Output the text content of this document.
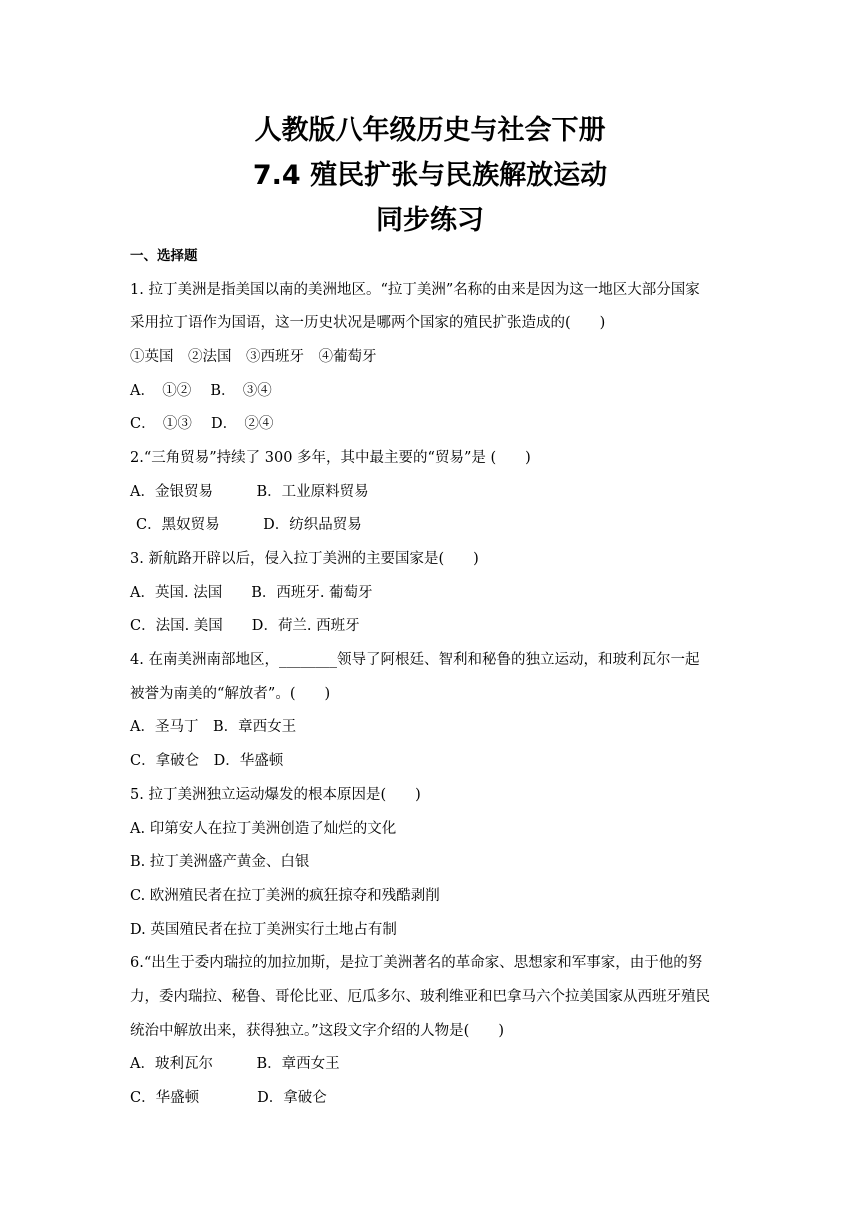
人教版八年级历史与社会下册
7.4 殖民扩张与民族解放运动
同步练习
一、选择题
1. 拉丁美洲是指美国以南的美洲地区。“拉丁美洲”名称的由来是因为这一地区大部分国家
采用拉丁语作为国语，这一历史状况是哪两个国家的殖民扩张造成的(　　)
①英国　②法国　③西班牙　④葡萄牙
A．　①②　 B．　③④
C．　①③　 D．　②④
2.“三角贸易”持续了 300 多年，其中最主要的“贸易”是 (　　)
A．金银贸易　　　B．工业原料贸易
C．黑奴贸易　　　D．纺织品贸易
3. 新航路开辟以后，侵入拉丁美洲的主要国家是(　　)
A．英国. 法国　　B．西班牙. 葡萄牙
C．法国. 美国　　D．荷兰. 西班牙
4. 在南美洲南部地区，________领导了阿根廷、智利和秘鲁的独立运动，和玻利瓦尔一起
被誉为南美的“解放者”。(　　)
A．圣马丁　B．章西女王
C．拿破仑　D．华盛顿
5. 拉丁美洲独立运动爆发的根本原因是(　　)
A. 印第安人在拉丁美洲创造了灿烂的文化
B. 拉丁美洲盛产黄金、白银
C. 欧洲殖民者在拉丁美洲的疯狂掠夺和残酷剥削
D. 英国殖民者在拉丁美洲实行土地占有制
6.“出生于委内瑞拉的加拉加斯，是拉丁美洲著名的革命家、思想家和军事家，由于他的努
力，委内瑞拉、秘鲁、哥伦比亚、厄瓜多尔、玻利维亚和巴拿马六个拉美国家从西班牙殖民
统治中解放出来，获得独立。”这段文字介绍的人物是(　　)
A．玻利瓦尔　　　B．章西女王
C．华盛顿　　　　D．拿破仑
